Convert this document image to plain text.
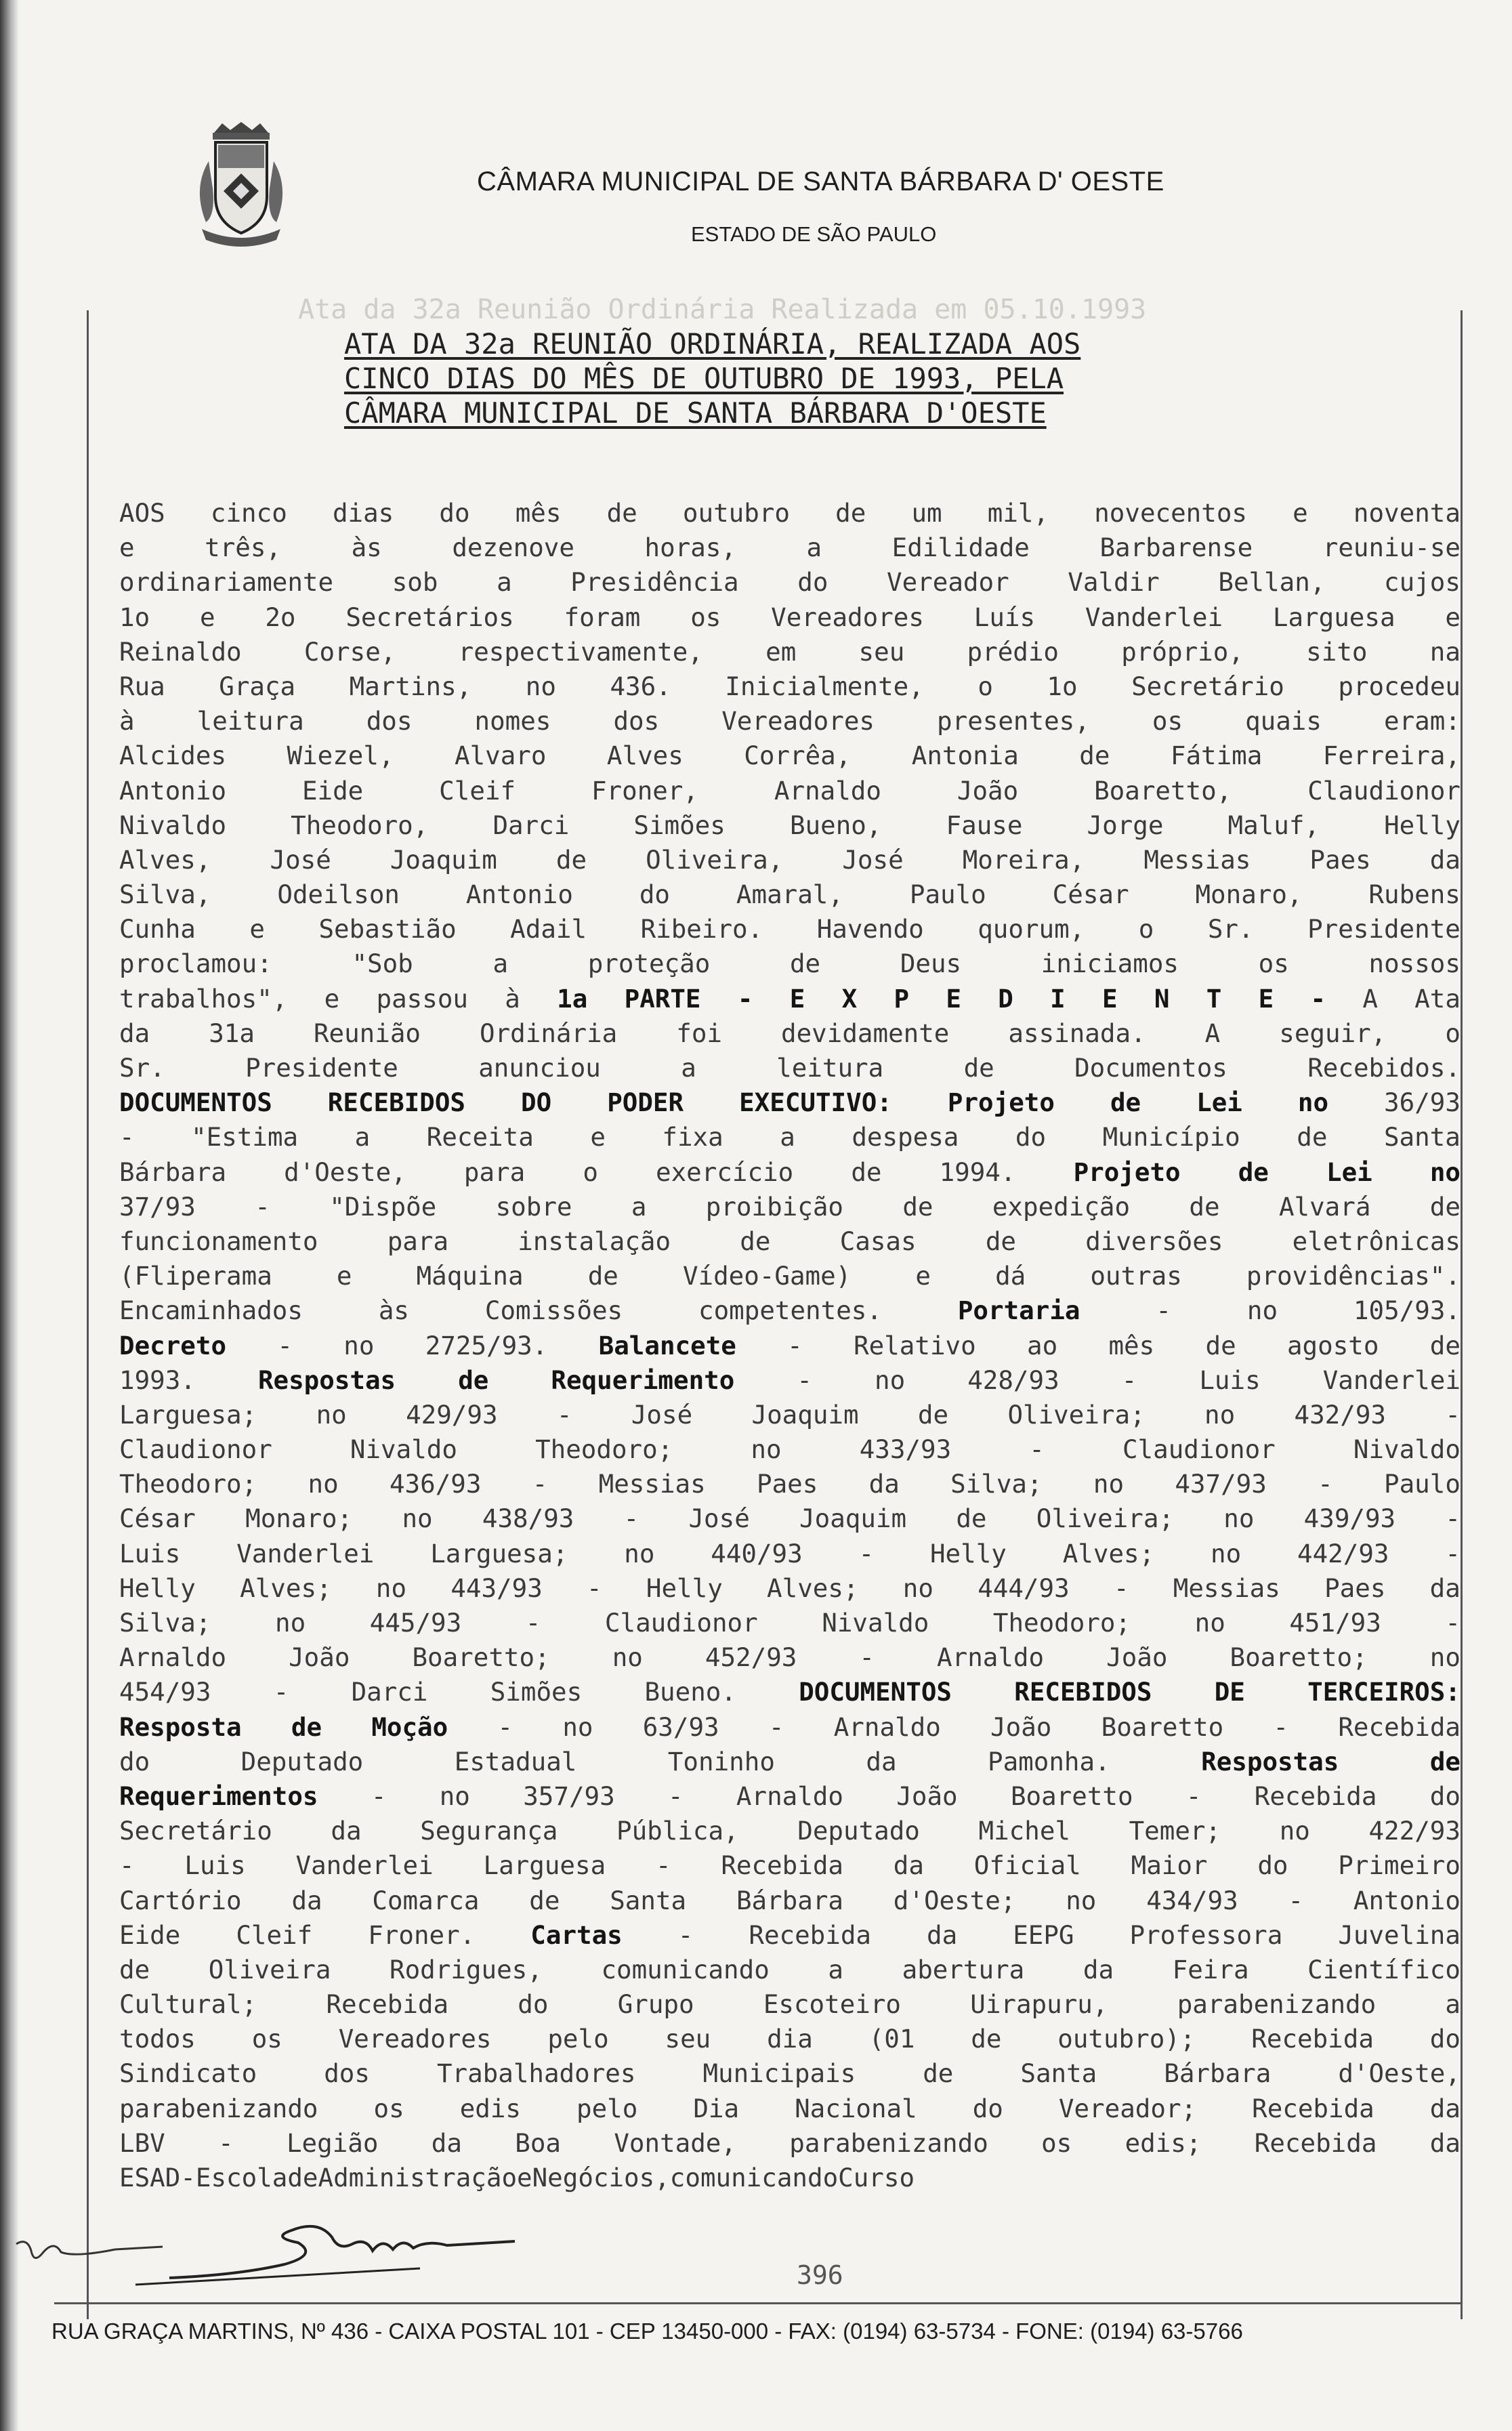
CÂMARA MUNICIPAL DE SANTA BÁRBARA D' OESTE
ESTADO DE SÃO PAULO
Ata da 32a Reunião Ordinária Realizada em 05.10.1993
ATA DA 32a REUNIÃO ORDINÁRIA, REALIZADA AOS
CINCO DIAS DO MÊS DE OUTUBRO DE 1993, PELA
CÂMARA MUNICIPAL DE SANTA BÁRBARA D'OESTE
AOS cinco dias do mês de outubro de um mil, novecentos e noventa
e	três,	às	dezenove	horas,	a	Edilidade	Barbarense	reuniu-se
ordinariamente sob a Presidência do Vereador Valdir Bellan, cujos
1o e 2o Secretários foram os Vereadores Luís Vanderlei Larguesa e
Reinaldo Corse, respectivamente, em seu prédio próprio, sito na
Rua Graça Martins, no 436. Inicialmente, o 1o Secretário procedeu
à leitura dos nomes dos Vereadores presentes, os quais eram:
Alcides Wiezel, Alvaro Alves Corrêa, Antonia de Fátima Ferreira,
Antonio	Eide	Cleif	Froner,	Arnaldo	João	Boaretto,	Claudionor
Nivaldo	Theodoro,	Darci	Simões	Bueno,	Fause	Jorge	Maluf,	Helly
Alves, José Joaquim de Oliveira, José Moreira, Messias Paes da
Silva,	Odeilson	Antonio	do	Amaral,	Paulo	César	Monaro,	Rubens
Cunha e Sebastião Adail Ribeiro. Havendo quorum, o Sr. Presidente
proclamou:	"Sob	a	proteção	de	Deus	iniciamos	os	nossos
trabalhos", e passou à 1a PARTE - E X P E D I E N T E - A Ata
da 31a Reunião Ordinária foi devidamente assinada. A seguir, o
Sr.	Presidente	anunciou	a	leitura	de	Documentos	Recebidos.
DOCUMENTOS RECEBIDOS DO PODER EXECUTIVO: Projeto de Lei no 36/93
- "Estima a Receita e fixa a despesa do Município de Santa
Bárbara d'Oeste, para o exercício de 1994. Projeto de Lei no
37/93 - "Dispõe sobre a proibição de expedição de Alvará de
funcionamento	para	instalação	de	Casas	de	diversões	eletrônicas
(Fliperama	e	Máquina	de	Vídeo-Game)	e	dá	outras	providências".
Encaminhados	às	Comissões	competentes.	Portaria	-	no	105/93.
Decreto - no 2725/93. Balancete - Relativo ao mês de agosto de
1993. Respostas de Requerimento - no 428/93 - Luis Vanderlei
Larguesa; no 429/93 - José Joaquim de Oliveira; no 432/93 -
Claudionor	Nivaldo	Theodoro;	no	433/93	-	Claudionor	Nivaldo
Theodoro; no 436/93 - Messias Paes da Silva; no 437/93 - Paulo
César Monaro; no 438/93 - José Joaquim de Oliveira; no 439/93 -
Luis Vanderlei Larguesa; no 440/93 - Helly Alves; no 442/93 -
Helly Alves; no 443/93 - Helly Alves; no 444/93 - Messias Paes da
Silva;	no	445/93	-	Claudionor	Nivaldo	Theodoro;	no	451/93	-
Arnaldo João Boaretto; no 452/93 - Arnaldo João Boaretto; no
454/93 - Darci Simões Bueno. DOCUMENTOS RECEBIDOS DE TERCEIROS:
Resposta de Moção - no 63/93 - Arnaldo João Boaretto - Recebida
do	Deputado	Estadual	Toninho	da	Pamonha.	Respostas	de
Requerimentos - no 357/93 - Arnaldo João Boaretto - Recebida do
Secretário da Segurança Pública, Deputado Michel Temer; no 422/93
- Luis Vanderlei Larguesa - Recebida da Oficial Maior do Primeiro
Cartório da Comarca de Santa Bárbara d'Oeste; no 434/93 - Antonio
Eide Cleif Froner. Cartas - Recebida da EEPG Professora Juvelina
de Oliveira Rodrigues, comunicando a abertura da Feira Científico
Cultural;	Recebida	do	Grupo	Escoteiro	Uirapuru,	parabenizando	a
todos os Vereadores pelo seu dia (01 de outubro); Recebida do
Sindicato	dos	Trabalhadores	Municipais	de	Santa	Bárbara	d'Oeste,
parabenizando os edis pelo Dia Nacional do Vereador; Recebida da
LBV - Legião da Boa Vontade, parabenizando os edis; Recebida da
ESAD - Escola de Administração e Negócios, comunicando Curso
396
RUA GRAÇA MARTINS, Nº 436 - CAIXA POSTAL 101 - CEP 13450-000 - FAX: (0194) 63-5734 - FONE: (0194) 63-5766
